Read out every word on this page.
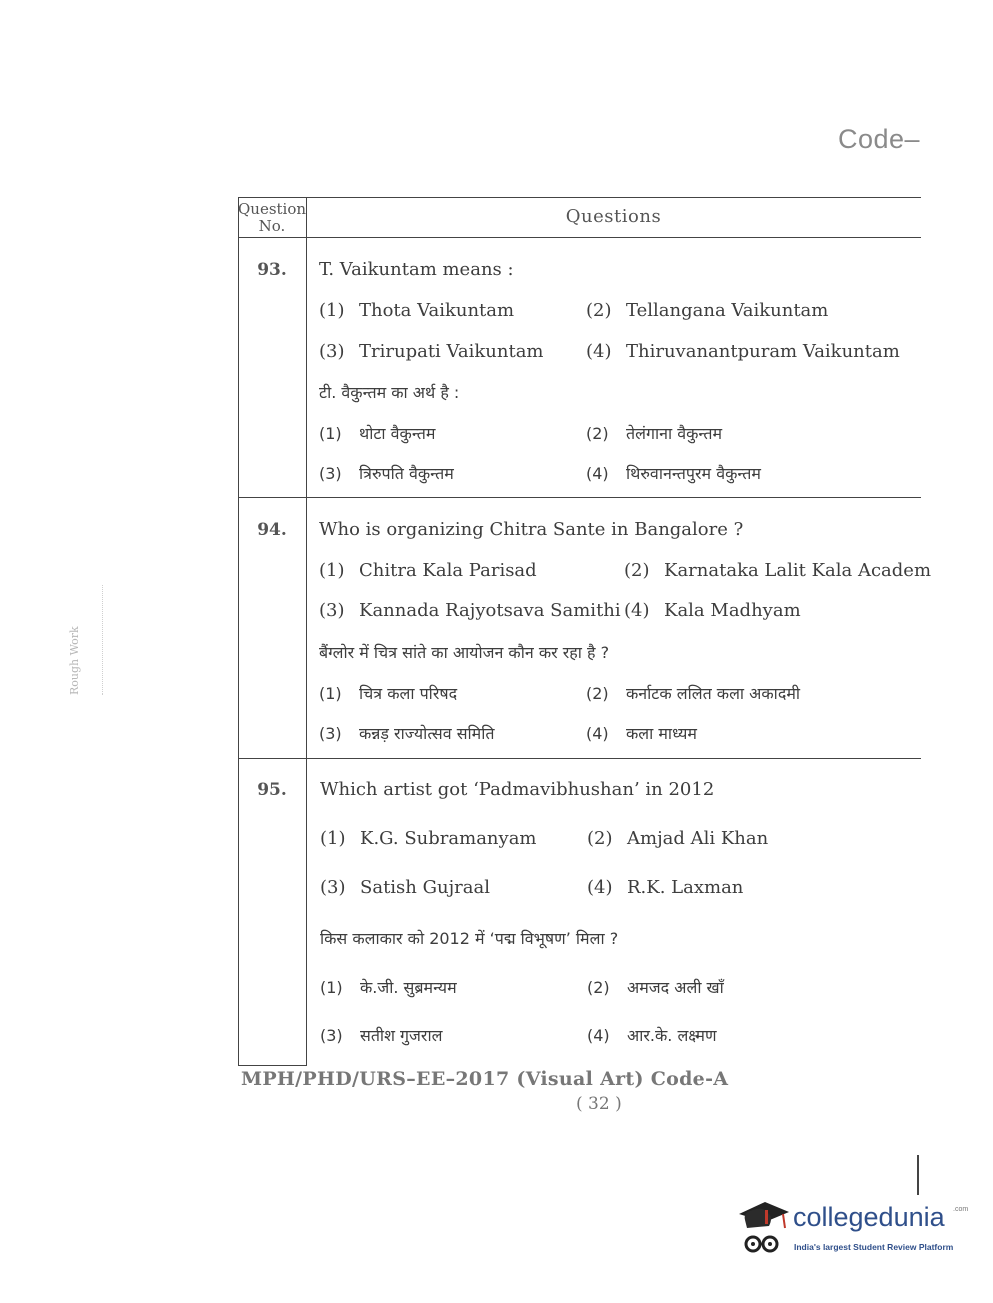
Code–
Rough Work
Question No.	Questions
93.	T. Vaikuntam means :
(1) Thota Vaikuntam	(2) Tellangana Vaikuntam
(3) Trirupati Vaikuntam (4) Thiruvanantpuram Vaikuntam
टी. वैकुन्तम का अर्थ है :
(1) थोटा वैकुन्तम	(2) तेलंगाना वैकुन्तम
(3) त्रिरुपति वैकुन्तम	(4) थिरुवानन्तपुरम वैकुन्तम
94.	Who is organizing Chitra Sante in Bangalore ?
(1) Chitra Kala Parisad	(2) Karnataka Lalit Kala Academ
(3) Kannada Rajyotsava Samithi (4) Kala Madhyam
बैंग्लोर में चित्र सांते का आयोजन कौन कर रहा है ?
(1) चित्र कला परिषद	(2) कर्नाटक ललित कला अकादमी
(3) कन्नड़ राज्योत्सव समिति	(4) कला माध्यम
95.	Which artist got ‘Padmavibhushan’ in 2012
(1) K.G. Subramanyam	(2) Amjad Ali Khan
(3) Satish Gujraal	(4) R.K. Laxman
किस कलाकार को 2012 में ‘पद्म विभूषण’ मिला ?
(1) के.जी. सुब्रमन्यम	(2) अमजद अली खाँ
(3) सतीश गुजराल	(4) आर.के. लक्ष्मण
MPH/PHD/URS–EE–2017 (Visual Art) Code-A
( 32 )
collegedunia .com
India's largest Student Review Platform
